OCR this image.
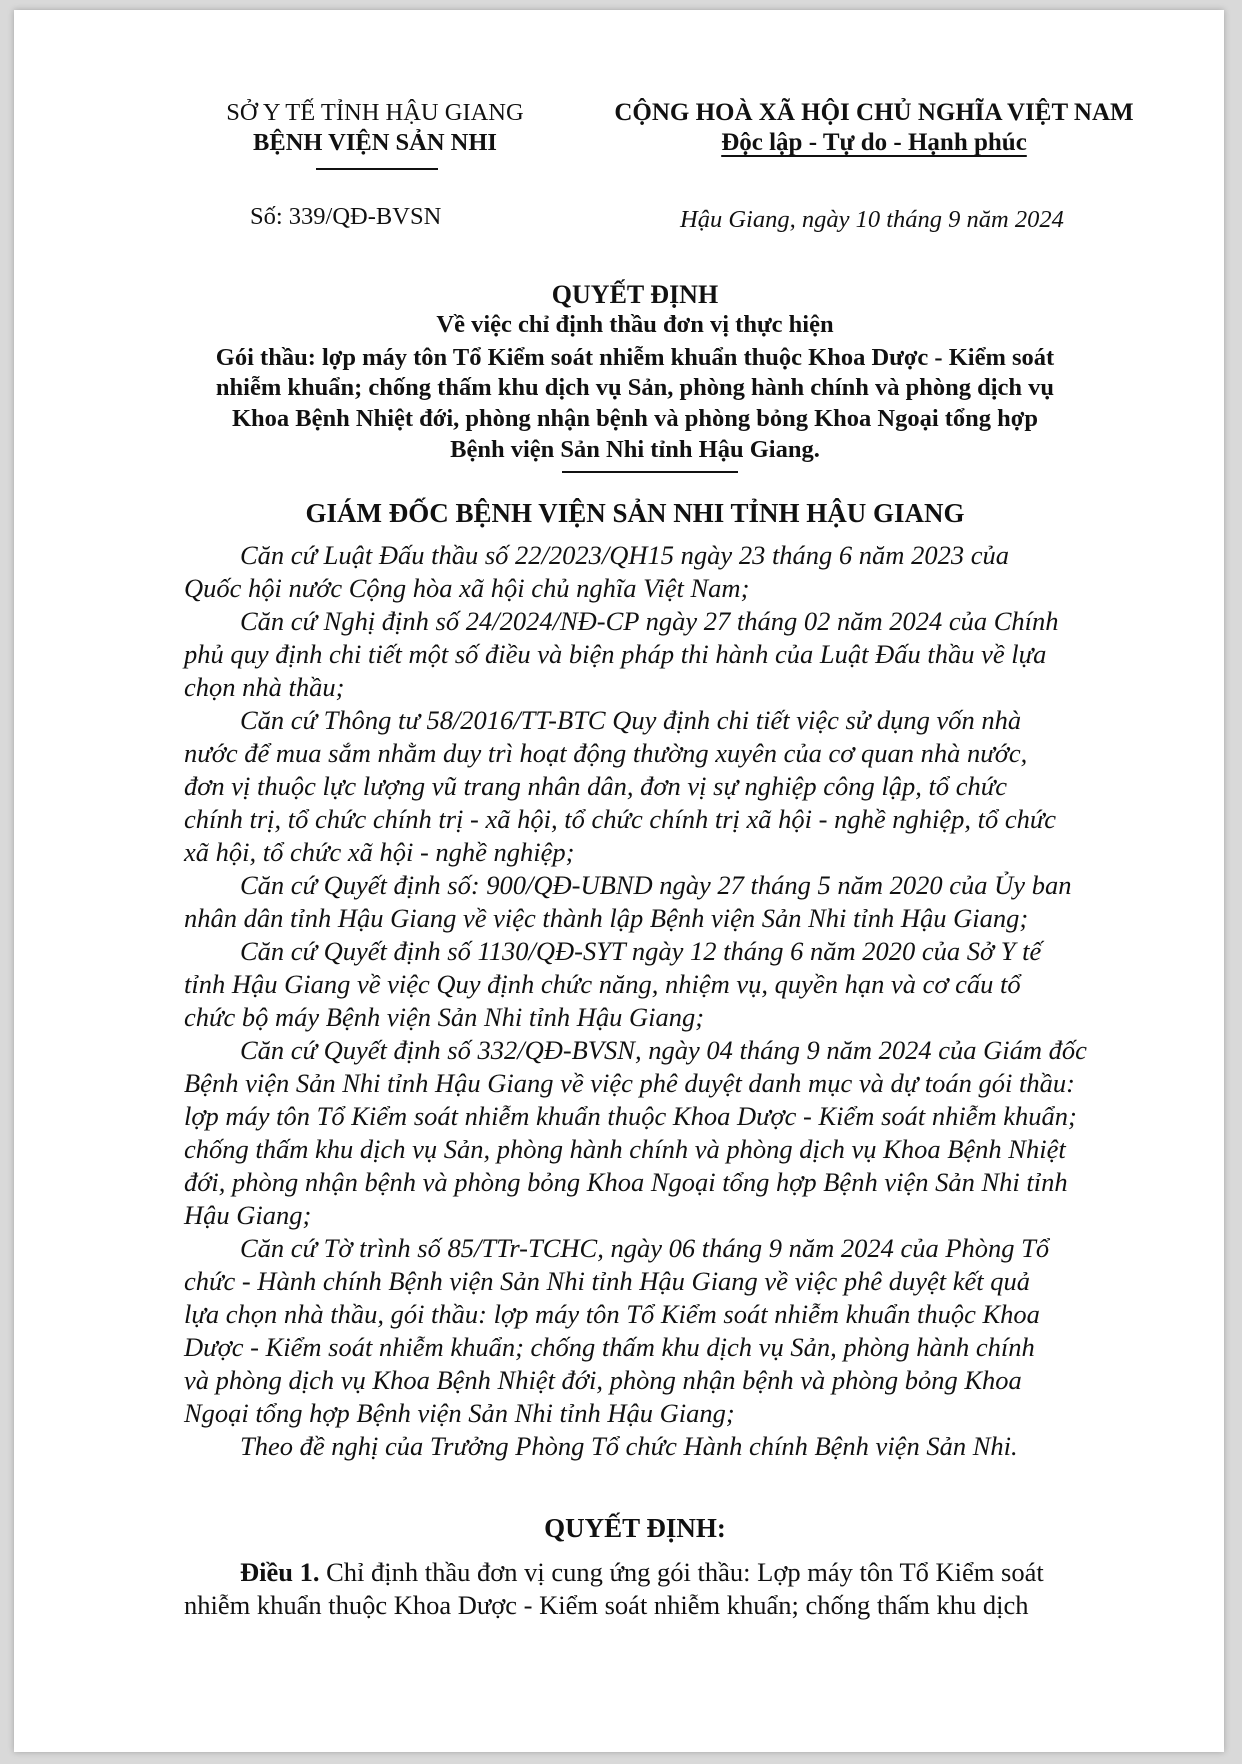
SỞ Y TẾ TỈNH HẬU GIANG
BỆNH VIỆN SẢN NHI
CỘNG HOÀ XÃ HỘI CHỦ NGHĨA VIỆT NAM
Độc lập - Tự do - Hạnh phúc
Số: 339/QĐ-BVSN	Hậu Giang, ngày 10 tháng 9 năm 2024
QUYẾT ĐỊNH
Về việc chỉ định thầu đơn vị thực hiện
Gói thầu: lợp máy tôn Tổ Kiểm soát nhiễm khuẩn thuộc Khoa Dược - Kiểm soát
nhiễm khuẩn; chống thấm khu dịch vụ Sản, phòng hành chính và phòng dịch vụ
Khoa Bệnh Nhiệt đới, phòng nhận bệnh và phòng bỏng Khoa Ngoại tổng hợp
Bệnh viện Sản Nhi tỉnh Hậu Giang.
GIÁM ĐỐC BỆNH VIỆN SẢN NHI TỈNH HẬU GIANG
Căn cứ Luật Đấu thầu số 22/2023/QH15 ngày 23 tháng 6 năm 2023 của
Quốc hội nước Cộng hòa xã hội chủ nghĩa Việt Nam;
Căn cứ Nghị định số 24/2024/NĐ-CP ngày 27 tháng 02 năm 2024 của Chính
phủ quy định chi tiết một số điều và biện pháp thi hành của Luật Đấu thầu về lựa
chọn nhà thầu;
Căn cứ Thông tư 58/2016/TT-BTC Quy định chi tiết việc sử dụng vốn nhà
nước để mua sắm nhằm duy trì hoạt động thường xuyên của cơ quan nhà nước,
đơn vị thuộc lực lượng vũ trang nhân dân, đơn vị sự nghiệp công lập, tổ chức
chính trị, tổ chức chính trị - xã hội, tổ chức chính trị xã hội - nghề nghiệp, tổ chức
xã hội, tổ chức xã hội - nghề nghiệp;
Căn cứ Quyết định số: 900/QĐ-UBND ngày 27 tháng 5 năm 2020 của Ủy ban
nhân dân tỉnh Hậu Giang về việc thành lập Bệnh viện Sản Nhi tỉnh Hậu Giang;
Căn cứ Quyết định số 1130/QĐ-SYT ngày 12 tháng 6 năm 2020 của Sở Y tế
tỉnh Hậu Giang về việc Quy định chức năng, nhiệm vụ, quyền hạn và cơ cấu tổ
chức bộ máy Bệnh viện Sản Nhi tỉnh Hậu Giang;
Căn cứ Quyết định số 332/QĐ-BVSN, ngày 04 tháng 9 năm 2024 của Giám đốc
Bệnh viện Sản Nhi tỉnh Hậu Giang về việc phê duyệt danh mục và dự toán gói thầu:
lợp máy tôn Tổ Kiểm soát nhiễm khuẩn thuộc Khoa Dược - Kiểm soát nhiễm khuẩn;
chống thấm khu dịch vụ Sản, phòng hành chính và phòng dịch vụ Khoa Bệnh Nhiệt
đới, phòng nhận bệnh và phòng bỏng Khoa Ngoại tổng hợp Bệnh viện Sản Nhi tỉnh
Hậu Giang;
Căn cứ Tờ trình số 85/TTr-TCHC, ngày 06 tháng 9 năm 2024 của Phòng Tổ
chức - Hành chính Bệnh viện Sản Nhi tỉnh Hậu Giang về việc phê duyệt kết quả
lựa chọn nhà thầu, gói thầu: lợp máy tôn Tổ Kiểm soát nhiễm khuẩn thuộc Khoa
Dược - Kiểm soát nhiễm khuẩn; chống thấm khu dịch vụ Sản, phòng hành chính
và phòng dịch vụ Khoa Bệnh Nhiệt đới, phòng nhận bệnh và phòng bỏng Khoa
Ngoại tổng hợp Bệnh viện Sản Nhi tỉnh Hậu Giang;
Theo đề nghị của Trưởng Phòng Tổ chức Hành chính Bệnh viện Sản Nhi.
QUYẾT ĐỊNH:
Điều 1. Chỉ định thầu đơn vị cung ứng gói thầu: Lợp máy tôn Tổ Kiểm soát
nhiễm khuẩn thuộc Khoa Dược - Kiểm soát nhiễm khuẩn; chống thấm khu dịch
